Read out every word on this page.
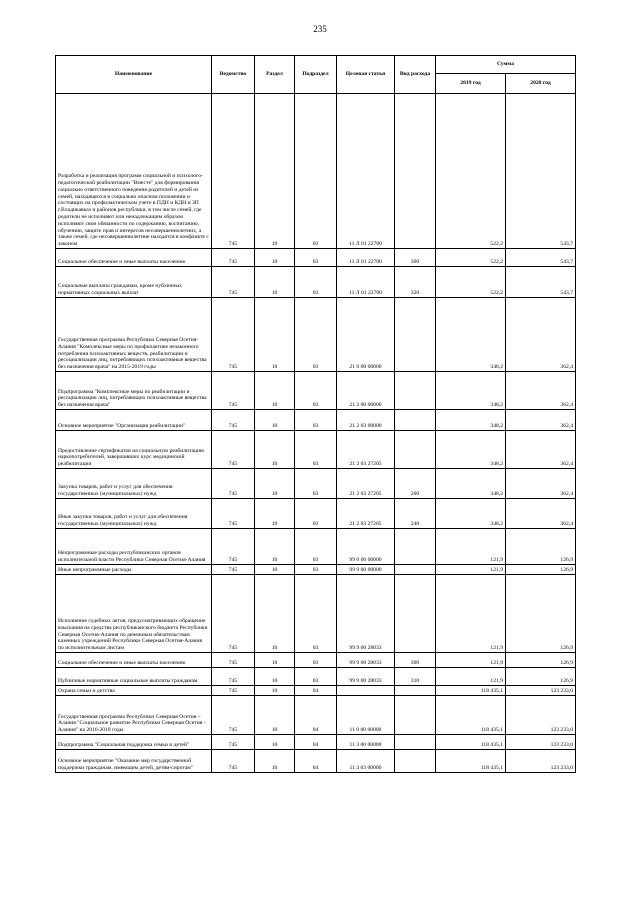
235
Наименование	Ведомство	Раздел	Подраздел	Целевая статья	Вид расхода	Сумма	
						2019 год	2020 год
Разработка и реализация программ социальной и психолого-педагогической реабилитации "Вместе" для формирования социально ответственного поведения родителей и детей из семей, находящихся в социально опасном положении и состоящих на профилактическом учете в ПДН и КДН и ЗП г.Владикавказ и районов республики, в том числе семей, где родители не исполняют или ненадлежащим образом исполняют свои обязанности по содержанию, воспитанию, обучению, защите прав и интересов несовершеннолетних, а также семей, где несовершеннолетние находятся в конфликте с законом	745	10	03	11 Л 01 22700		522,2	543,7
Социальное обеспечение и иные выплаты населению	745	10	03	11 Л 01 22700	300	522,2	543,7
Социальные выплаты гражданам, кроме публичных нормативных социальных выплат	745	10	03	11 Л 01 22700	320	522,2	543,7
Государственная программа Республики Северная Осетия-Алания "Комплексные меры по профилактике незаконного потребления психоактивных веществ, реабилитации и ресоциализации лиц, потребляющих психоактивные вещества без назначения врача" на 2015-2019 годы	745	10	03	21 0 00 00000		348,2	362,4
Подпрограмма "Комплексные меры по реабилитации и ресоциализации лиц, потребляющих психоактивные вещества без назначения врача"	745	10	03	21 2 00 00000		348,2	362,4
Основное мероприятие "Организация реабилитации"	745	10	03	21 2 03 00000		348,2	362,4
Предоставление сертификатов на социальную реабилитацию наркопотребителей, завершивших курс медицинской реабилитации	745	10	03	21 2 03 27205		348,2	362,4
Закупка товаров, работ и услуг для обеспечения государственных (муниципальных) нужд	745	10	03	21 2 03 27205	200	348,2	362,4
Иные закупки товаров, работ и услуг для обеспечения государственных (муниципальных) нужд	745	10	03	21 2 03 27205	240	348,2	362,4
Непрограммные расходы республиканских органов исполнительной власти Республики Северная Осетия-Алания	745	10	03	99 0 00 00000		121,9	126,9
Иные непрограммные расходы	745	10	03	99 9 00 00000		121,9	126,9
Исполнение судебных актов, предусматривающих обращение взыскания на средства республиканского бюджета Республики Северная Осетия-Алания по денежным обязательствам казенных учреждений Республики Северная Осетия-Алания по исполнительным листам	745	10	03	99 9 00 28033		121,9	126,9
Социальное обеспечение и иные выплаты населению	745	10	03	99 9 00 28033	300	121,9	126,9
Публичные нормативные социальные выплаты гражданам	745	10	03	99 9 00 28033	310	121,9	126,9
Охрана семьи и детства	745	10	04			118 435,1	123 233,0
Государственная программа Республики Северная Осетия – Алания "Социальное развитие Республики Северная Осетия - Алания" на 2016-2018 годы	745	10	04	11 0 00 00000		118 435,1	123 233,0
Подпрограмма "Социальная поддержка семьи и детей"	745	10	04	11 3 00 00000		118 435,1	123 233,0
Основное мероприятие "Оказание мер государственной поддержки гражданам, имеющим детей, детям-сиротам"	745	10	04	11 3 03 00000		118 435,1	123 233,0
